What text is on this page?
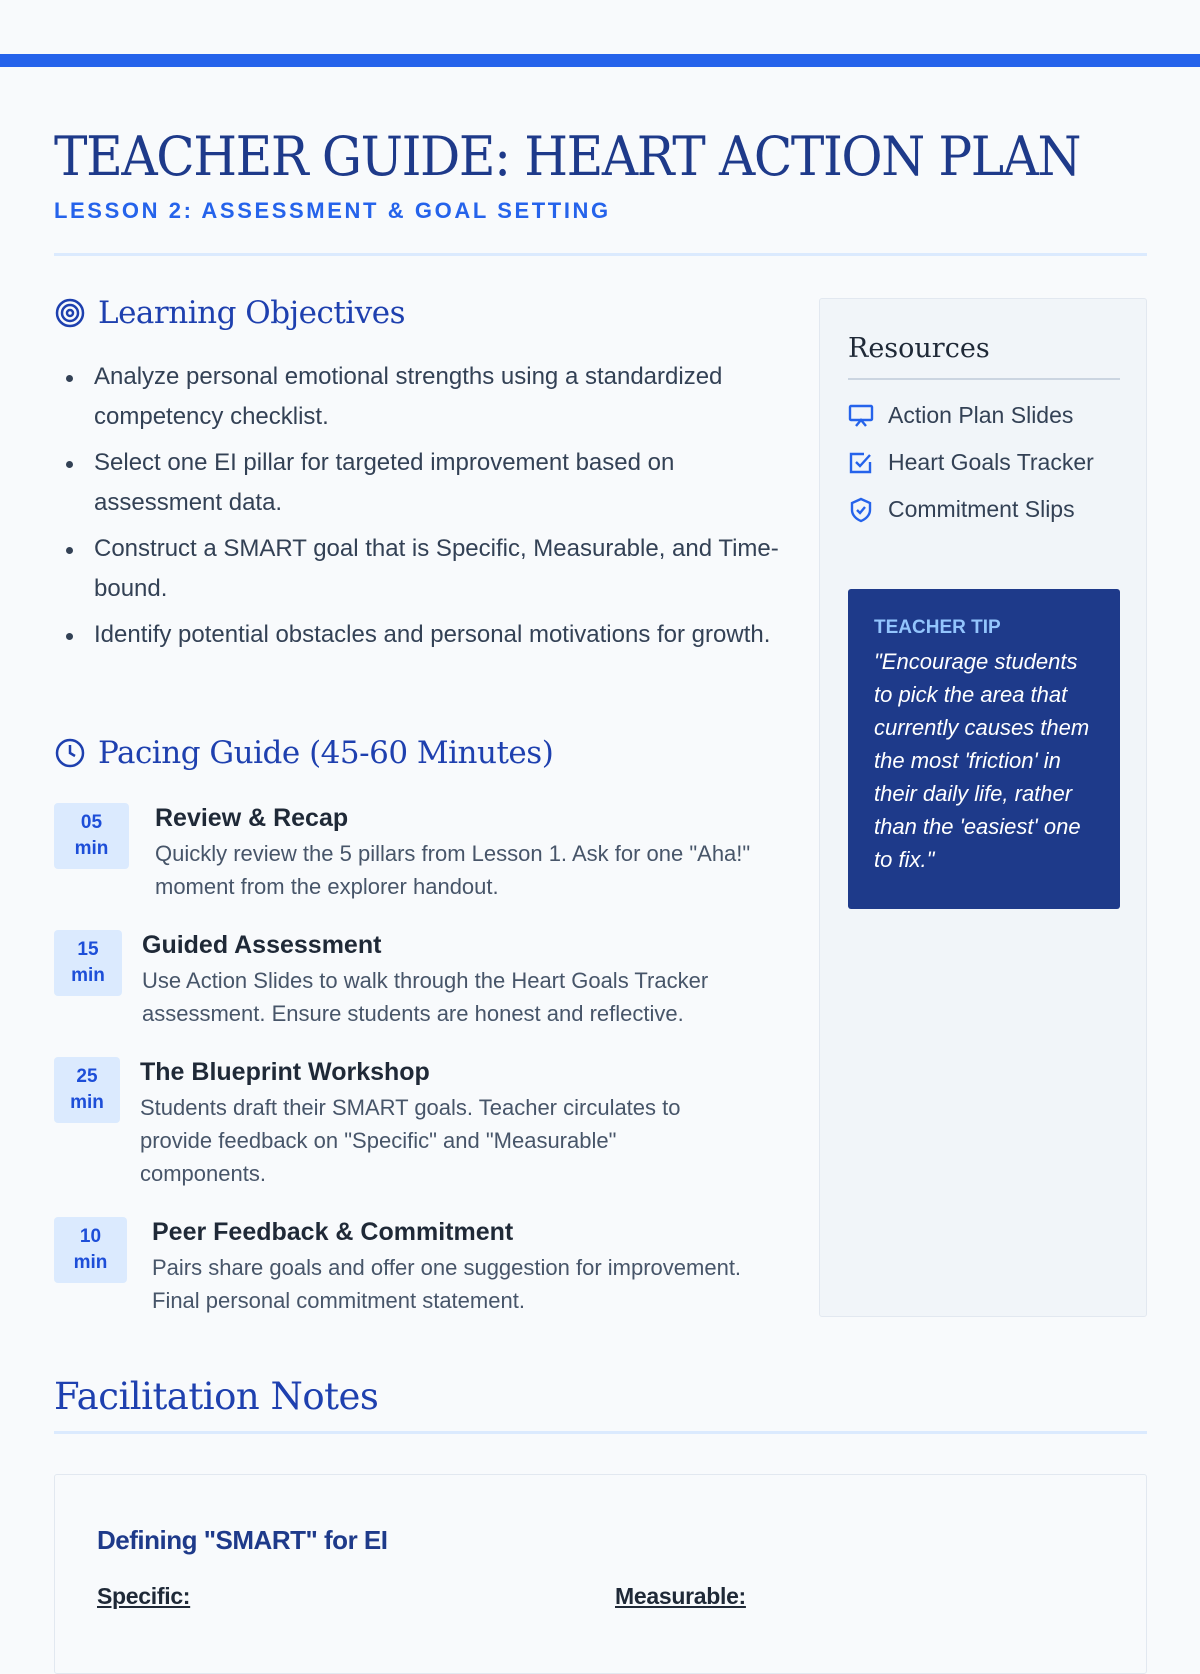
TEACHER GUIDE: HEART ACTION PLAN
LESSON 2: ASSESSMENT & GOAL SETTING
Learning Objectives
Analyze personal emotional strengths using a standardized competency checklist.
Select one EI pillar for targeted improvement based on assessment data.
Construct a SMART goal that is Specific, Measurable, and Time-bound.
Identify potential obstacles and personal motivations for growth.
Pacing Guide (45-60 Minutes)
05
min
Review & Recap
Quickly review the 5 pillars from Lesson 1. Ask for one "Aha!" moment from the explorer handout.
15
min
Guided Assessment
Use Action Slides to walk through the Heart Goals Tracker assessment. Ensure students are honest and reflective.
25
min
The Blueprint Workshop
Students draft their SMART goals. Teacher circulates to provide feedback on "Specific" and "Measurable" components.
10
min
Peer Feedback & Commitment
Pairs share goals and offer one suggestion for improvement. Final personal commitment statement.
Resources
Action Plan Slides
Heart Goals Tracker
Commitment Slips
TEACHER TIP
"Encourage students to pick the area that currently causes them the most 'friction' in their daily life, rather than the 'easiest' one to fix."
Facilitation Notes
Defining "SMART" for EI
Specific:	Measurable:
